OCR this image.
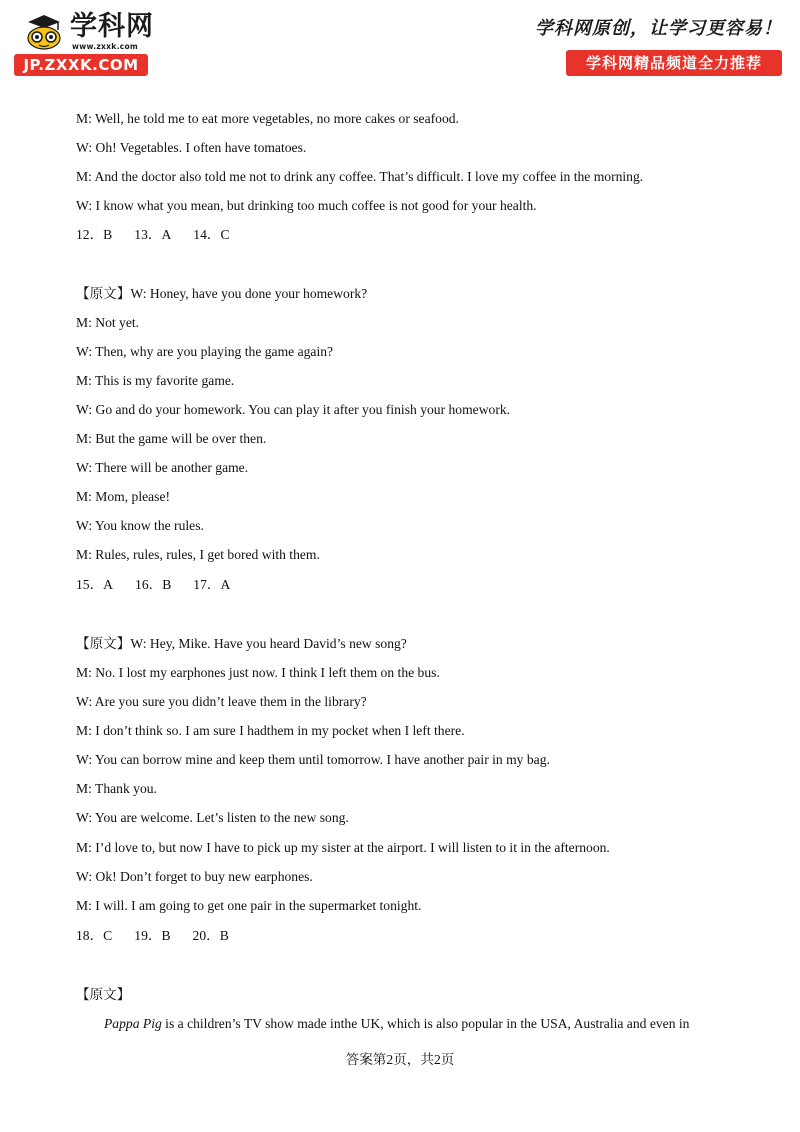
学科网
www.zxxk.com
JP.ZXXK.COM
学科网原创，让学习更容易！
学科网精品频道全力推荐
M: Well, he told me to eat more vegetables, no more cakes or seafood.
W: Oh! Vegetables. I often have tomatoes.
M: And the doctor also told me not to drink any coffee. That’s difficult. I love my coffee in the morning.
W: I know what you mean, but drinking too much coffee is not good for your health.
12．B 13．A 14．C
【原文】W: Honey, have you done your homework?
M: Not yet.
W: Then, why are you playing the game again?
M: This is my favorite game.
W: Go and do your homework. You can play it after you finish your homework.
M: But the game will be over then.
W: There will be another game.
M: Mom, please!
W: You know the rules.
M: Rules, rules, rules, I get bored with them.
15．A 16．B 17．A
【原文】W: Hey, Mike. Have you heard David’s new song?
M: No. I lost my earphones just now. I think I left them on the bus.
W: Are you sure you didn’t leave them in the library?
M: I don’t think so. I am sure I hadthem in my pocket when I left there.
W: You can borrow mine and keep them until tomorrow. I have another pair in my bag.
M: Thank you.
W: You are welcome. Let’s listen to the new song.
M: I’d love to, but now I have to pick up my sister at the airport. I will listen to it in the afternoon.
W: Ok! Don’t forget to buy new earphones.
M: I will. I am going to get one pair in the supermarket tonight.
18．C 19．B 20．B
【原文】
Pappa Pig is a children’s TV show made inthe UK, which is also popular in the USA, Australia and even in
答案第2页，共2页
